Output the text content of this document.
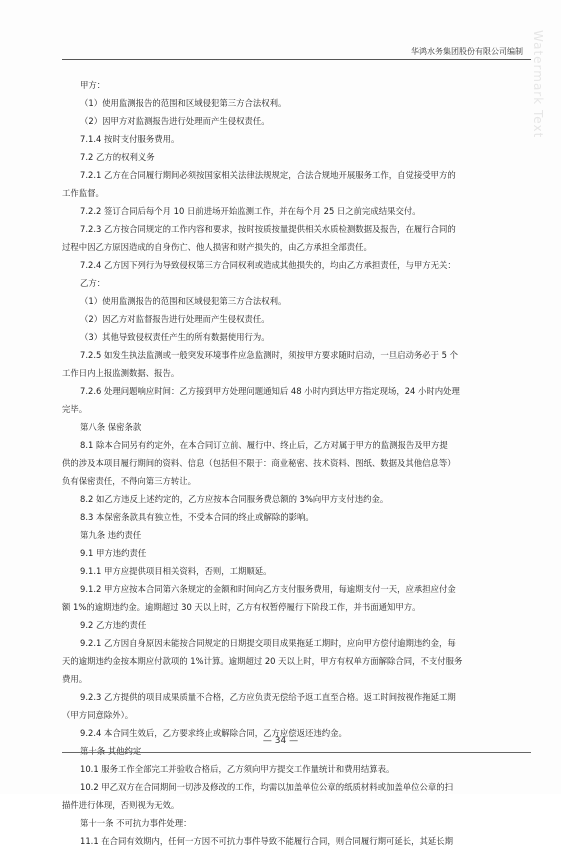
Watermark Text
华鸿水务集团股份有限公司编制
甲方：
（1）使用监测报告的范围和区域侵犯第三方合法权利。
（2）因甲方对监测报告进行处理而产生侵权责任。
7.1.4 按时支付服务费用。
7.2 乙方的权利义务
7.2.1 乙方在合同履行期间必须按国家相关法律法规规定，合法合规地开展服务工作，自觉接受甲方的
工作监督。
7.2.2 签订合同后每个月 10 日前进场开始监测工作，并在每个月 25 日之前完成结果交付。
7.2.3 乙方按合同规定的工作内容和要求，按时按质按量提供相关水质检测数据及报告，在履行合同的
过程中因乙方原因造成的自身伤亡、他人损害和财产损失的，由乙方承担全部责任。
7.2.4 乙方因下列行为导致侵权第三方合同权利或造成其他损失的，均由乙方承担责任，与甲方无关：
乙方：
（1）使用监测报告的范围和区域侵犯第三方合法权利。
（2）因乙方对监督报告进行处理而产生侵权责任。
（3）其他导致侵权责任产生的所有数据使用行为。
7.2.5 如发生执法监测或一般突发环境事件应急监测时，须按甲方要求随时启动，一旦启动务必于 5 个
工作日内上报监测数据、报告。
7.2.6 处理问题响应时间：乙方接到甲方处理问题通知后 48 小时内到达甲方指定现场，24 小时内处理
完毕。
第八条 保密条款
8.1 除本合同另有约定外，在本合同订立前、履行中、终止后，乙方对属于甲方的监测报告及甲方提
供的涉及本项目履行期间的资料、信息（包括但不限于：商业秘密、技术资料、图纸、数据及其他信息等）
负有保密责任，不得向第三方转让。
8.2 如乙方违反上述约定的，乙方应按本合同服务费总额的 3%向甲方支付违约金。
8.3 本保密条款具有独立性，不受本合同的终止或解除的影响。
第九条 违约责任
9.1 甲方违约责任
9.1.1 甲方应提供项目相关资料，否则，工期顺延。
9.1.2 甲方应按本合同第六条规定的金额和时间向乙方支付服务费用，每逾期支付一天，应承担应付金
额 1%的逾期违约金。逾期超过 30 天以上时，乙方有权暂停履行下阶段工作，并书面通知甲方。
9.2 乙方违约责任
9.2.1 乙方因自身原因未能按合同规定的日期提交项目成果拖延工期时，应向甲方偿付逾期违约金，每
天的逾期违约金按本期应付款项的 1%计算。逾期超过 20 天以上时，甲方有权单方面解除合同，不支付服务
费用。
9.2.3 乙方提供的项目成果质量不合格，乙方应负责无偿给予返工直至合格。返工时间按视作拖延工期
（甲方同意除外）。
9.2.4 本合同生效后，乙方要求终止或解除合同，乙方应偿返还违约金。
第十条 其他约定
10.1 服务工作全部完工并验收合格后，乙方须向甲方提交工作量统计和费用结算表。
10.2 甲乙双方在合同期间一切涉及修改的工作，均需以加盖单位公章的纸质材料或加盖单位公章的扫
描件进行体现，否则视为无效。
第十一条 不可抗力事件处理：
11.1 在合同有效期内，任何一方因不可抗力事件导致不能履行合同，则合同履行期可延长，其延长期
— 34 —
